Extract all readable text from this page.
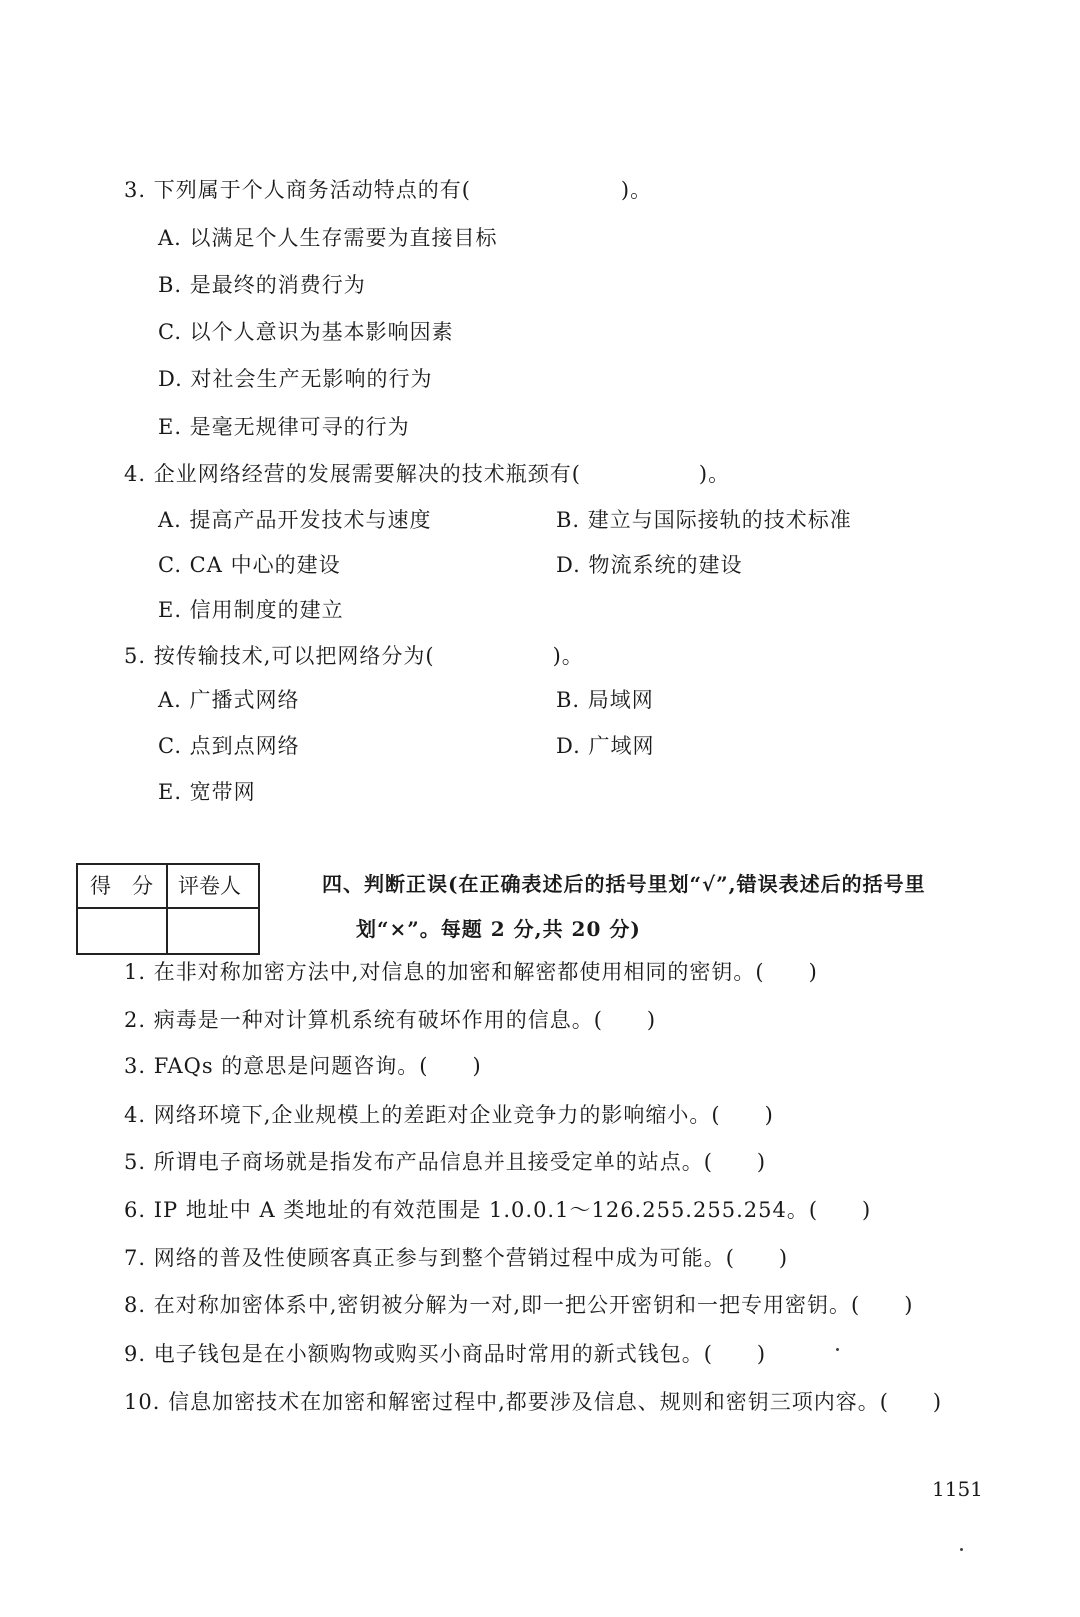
3. 下列属于个人商务活动特点的有(	)。
A. 以满足个人生存需要为直接目标
B. 是最终的消费行为
C. 以个人意识为基本影响因素
D. 对社会生产无影响的行为
E. 是毫无规律可寻的行为
4. 企业网络经营的发展需要解决的技术瓶颈有(	)。
A. 提高产品开发技术与速度	B. 建立与国际接轨的技术标准
C. CA 中心的建设	D. 物流系统的建设
E. 信用制度的建立
5. 按传输技术,可以把网络分为(	)。
A. 广播式网络	B. 局域网
C. 点到点网络	D. 广域网
E. 宽带网
得　分 评卷人	四、判断正误(在正确表述后的括号里划“√”,错误表述后的括号里
划“×”。每题 2 分,共 20 分)
1. 在非对称加密方法中,对信息的加密和解密都使用相同的密钥。(　　)
2. 病毒是一种对计算机系统有破坏作用的信息。(　　)
3. FAQs 的意思是问题咨询。(　　)
4. 网络环境下,企业规模上的差距对企业竞争力的影响缩小。(　　)
5. 所谓电子商场就是指发布产品信息并且接受定单的站点。(　　)
6. IP 地址中 A 类地址的有效范围是 1.0.0.1～126.255.255.254。(　　)
7. 网络的普及性使顾客真正参与到整个营销过程中成为可能。(　　)
8. 在对称加密体系中,密钥被分解为一对,即一把公开密钥和一把专用密钥。(　　)
9. 电子钱包是在小额购物或购买小商品时常用的新式钱包。(　　)
10. 信息加密技术在加密和解密过程中,都要涉及信息、规则和密钥三项内容。(　　)
1151
